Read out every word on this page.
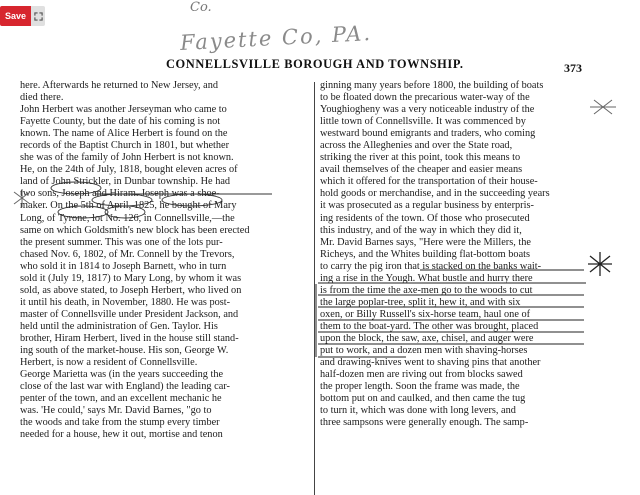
Save
Co.
Fayette Co, PA.
CONNELLSVILLE BOROUGH AND TOWNSHIP.	373
here. Afterwards he returned to New Jersey, and
died there.
John Herbert was another Jerseyman who came to
Fayette County, but the date of his coming is not
known. The name of Alice Herbert is found on the
records of the Baptist Church in 1801, but whether
she was of the family of John Herbert is not known.
He, on the 24th of July, 1818, bought eleven acres of
land of John Strickler, in Dunbar township. He had
two sons, Joseph and Hiram. Joseph was a shoe-
maker. On the 5th of April, 1825, he bought of Mary
Long, of Tyrone, lot No. 126, in Connellsville,—the
same on which Goldsmith's new block has been erected
the present summer. This was one of the lots pur-
chased Nov. 6, 1802, of Mr. Connell by the Trevors,
who sold it in 1814 to Joseph Barnett, who in turn
sold it (July 19, 1817) to Mary Long, by whom it was
sold, as above stated, to Joseph Herbert, who lived on
it until his death, in November, 1880. He was post-
master of Connellsville under President Jackson, and
held until the administration of Gen. Taylor. His
brother, Hiram Herbert, lived in the house still stand-
ing south of the market-house. His son, George W.
Herbert, is now a resident of Connellsville.
George Marietta was (in the years succeeding the
close of the last war with England) the leading car-
penter of the town, and an excellent mechanic he
was. 'He could,' says Mr. David Barnes, "go to
the woods and take from the stump every timber
needed for a house, hew it out, mortise and tenon
ginning many years before 1800, the building of boats
to be floated down the precarious water-way of the
Youghiogheny was a very noticeable industry of the
little town of Connellsville. It was commenced by
westward bound emigrants and traders, who coming
across the Alleghenies and over the State road,
striking the river at this point, took this means to
avail themselves of the cheaper and easier means
which it offered for the transportation of their house-
hold goods or merchandise, and in the succeeding years
it was prosecuted as a regular business by enterpris-
ing residents of the town. Of those who prosecuted
this industry, and of the way in which they did it,
Mr. David Barnes says, "Here were the Millers, the
Richeys, and the Whites building flat-bottom boats
to carry the pig iron that is stacked on the banks wait-
ing a rise in the Yough. What bustle and hurry there
is from the time the axe-men go to the woods to cut
the large poplar-tree, split it, hew it, and with six
oxen, or Billy Russell's six-horse team, haul one of
them to the boat-yard. The other was brought, placed
upon the block, the saw, axe, chisel, and auger were
put to work, and a dozen men with shaving-horses
and drawing-knives went to shaving pins that another
half-dozen men are riving out from blocks sawed
the proper length. Soon the frame was made, the
bottom put on and caulked, and then came the tug
to turn it, which was done with long levers, and
three sampsons were generally enough. The samp-
